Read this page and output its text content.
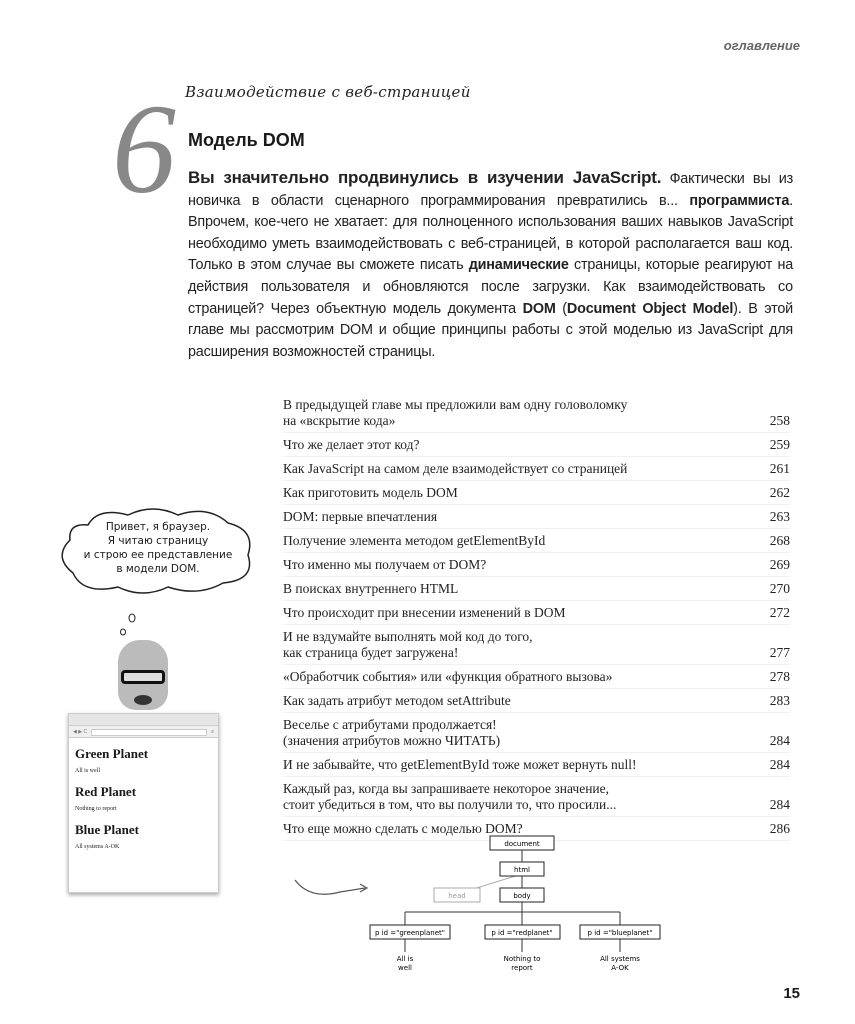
оглавление
6 Взаимодействие с веб-страницей
Модель DOM
Вы значительно продвинулись в изучении JavaScript. Фактически вы из новичка в области сценарного программирования превратились в... программиста. Впрочем, кое-чего не хватает: для полноценного использования ваших навыков JavaScript необходимо уметь взаимодействовать с веб-страницей, в которой располагается ваш код. Только в этом случае вы сможете писать динамические страницы, которые реагируют на действия пользователя и обновляются после загрузки. Как взаимодействовать со страницей? Через объектную модель документа DOM (Document Object Model). В этой главе мы рассмотрим DOM и общие принципы работы с этой моделью из JavaScript для расширения возможностей страницы.
В предыдущей главе мы предложили вам одну головоломку
на «вскрытие кода»	258
Что же делает этот код?	259
Как JavaScript на самом деле взаимодействует со страницей	261
Как приготовить модель DOM	262
DOM: первые впечатления	263
Получение элемента методом getElementById	268
Что именно мы получаем от DOM?	269
В поисках внутреннего HTML	270
Что происходит при внесении изменений в DOM	272
И не вздумайте выполнять мой код до того,
как страница будет загружена!	277
«Обработчик события» или «функция обратного вызова»	278
Как задать атрибут методом setAttribute	283
Веселье с атрибутами продолжается!
(значения атрибутов можно ЧИТАТЬ)	284
И не забывайте, что getElementById тоже может вернуть null!	284
Каждый раз, когда вы запрашиваете некоторое значение,
стоит убедиться в том, что вы получили то, что просили...	284
Что еще можно сделать с моделью DOM?	286
Привет, я браузер.
Я читаю страницу
и строю ее представление
в модели DOM.
◀ ▶ C	≡
Green Planet

All is well

Red Planet

Nothing to report

Blue Planet

All systems A-OK	document
html
head	body
p id ="greenplanet"	p id ="redplanet"	p id ="blueplanet"
All is
well
Nothing to
report
All systems
A-OK
15
